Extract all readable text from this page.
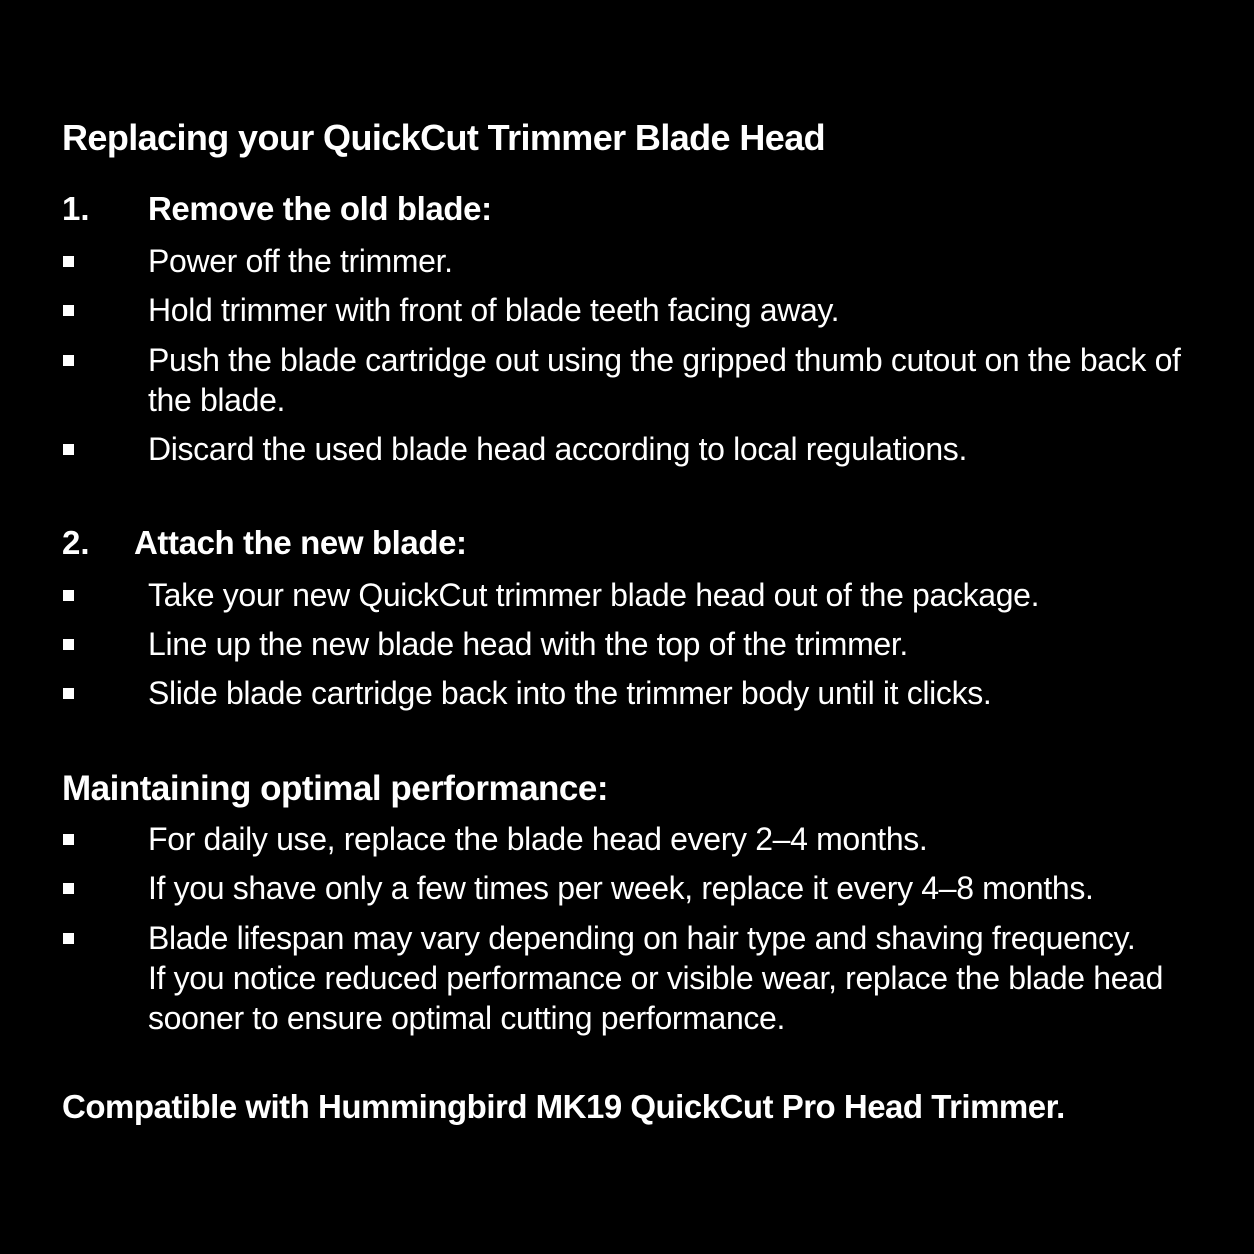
Replacing your QuickCut Trimmer Blade Head
1. Remove the old blade:
Power off the trimmer.
Hold trimmer with front of blade teeth facing away.
Push the blade cartridge out using the gripped thumb cutout on the back of
the blade.
Discard the used blade head according to local regulations.
2. Attach the new blade:
Take your new QuickCut trimmer blade head out of the package.
Line up the new blade head with the top of the trimmer.
Slide blade cartridge back into the trimmer body until it clicks.
Maintaining optimal performance:
For daily use, replace the blade head every 2–4 months.
If you shave only a few times per week, replace it every 4–8 months.
Blade lifespan may vary depending on hair type and shaving frequency.
If you notice reduced performance or visible wear, replace the blade head
sooner to ensure optimal cutting performance.
Compatible with Hummingbird MK19 QuickCut Pro Head Trimmer.
